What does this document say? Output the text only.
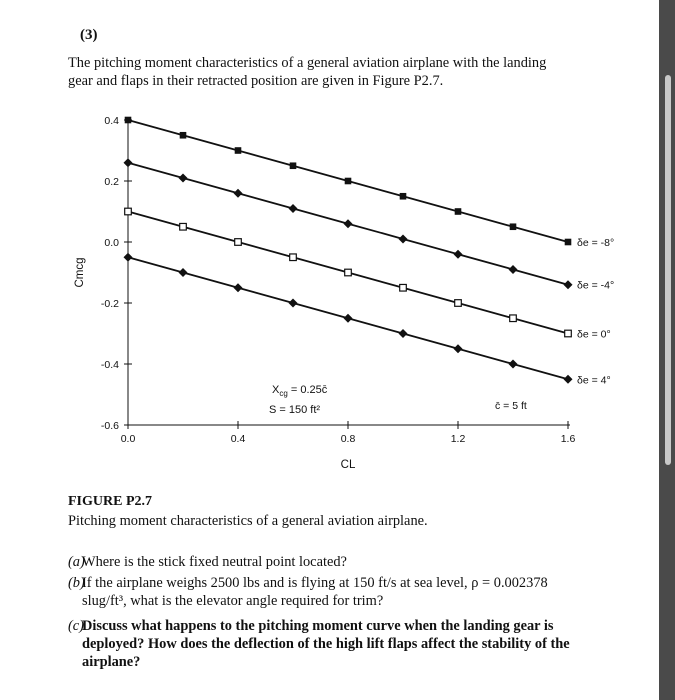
(3)
The pitching moment characteristics of a general aviation airplane with the landing
gear and flaps in their retracted position are given in Figure P2.7.
0.4
0.2
0.0
-0.2
-0.4
-0.6
0.0	0.4	0.8	1.2	1.6
CL
Cmcg
δe = -8°
δe = -4°
δe = 0°
δe = 4°
$X_{cg}$ = 0.25c̄
S = 150 ft²	c̄ = 5 ft
FIGURE P2.7
Pitching moment characteristics of a general aviation airplane.
(a)
Where is the stick fixed neutral point located?
(b)
If the airplane weighs 2500 lbs and is flying at 150 ft/s at sea level, ρ = 0.002378
slug/ft³, what is the elevator angle required for trim?
(c)
Discuss what happens to the pitching moment curve when the landing gear is
deployed? How does the deflection of the high lift flaps affect the stability of the
airplane?
